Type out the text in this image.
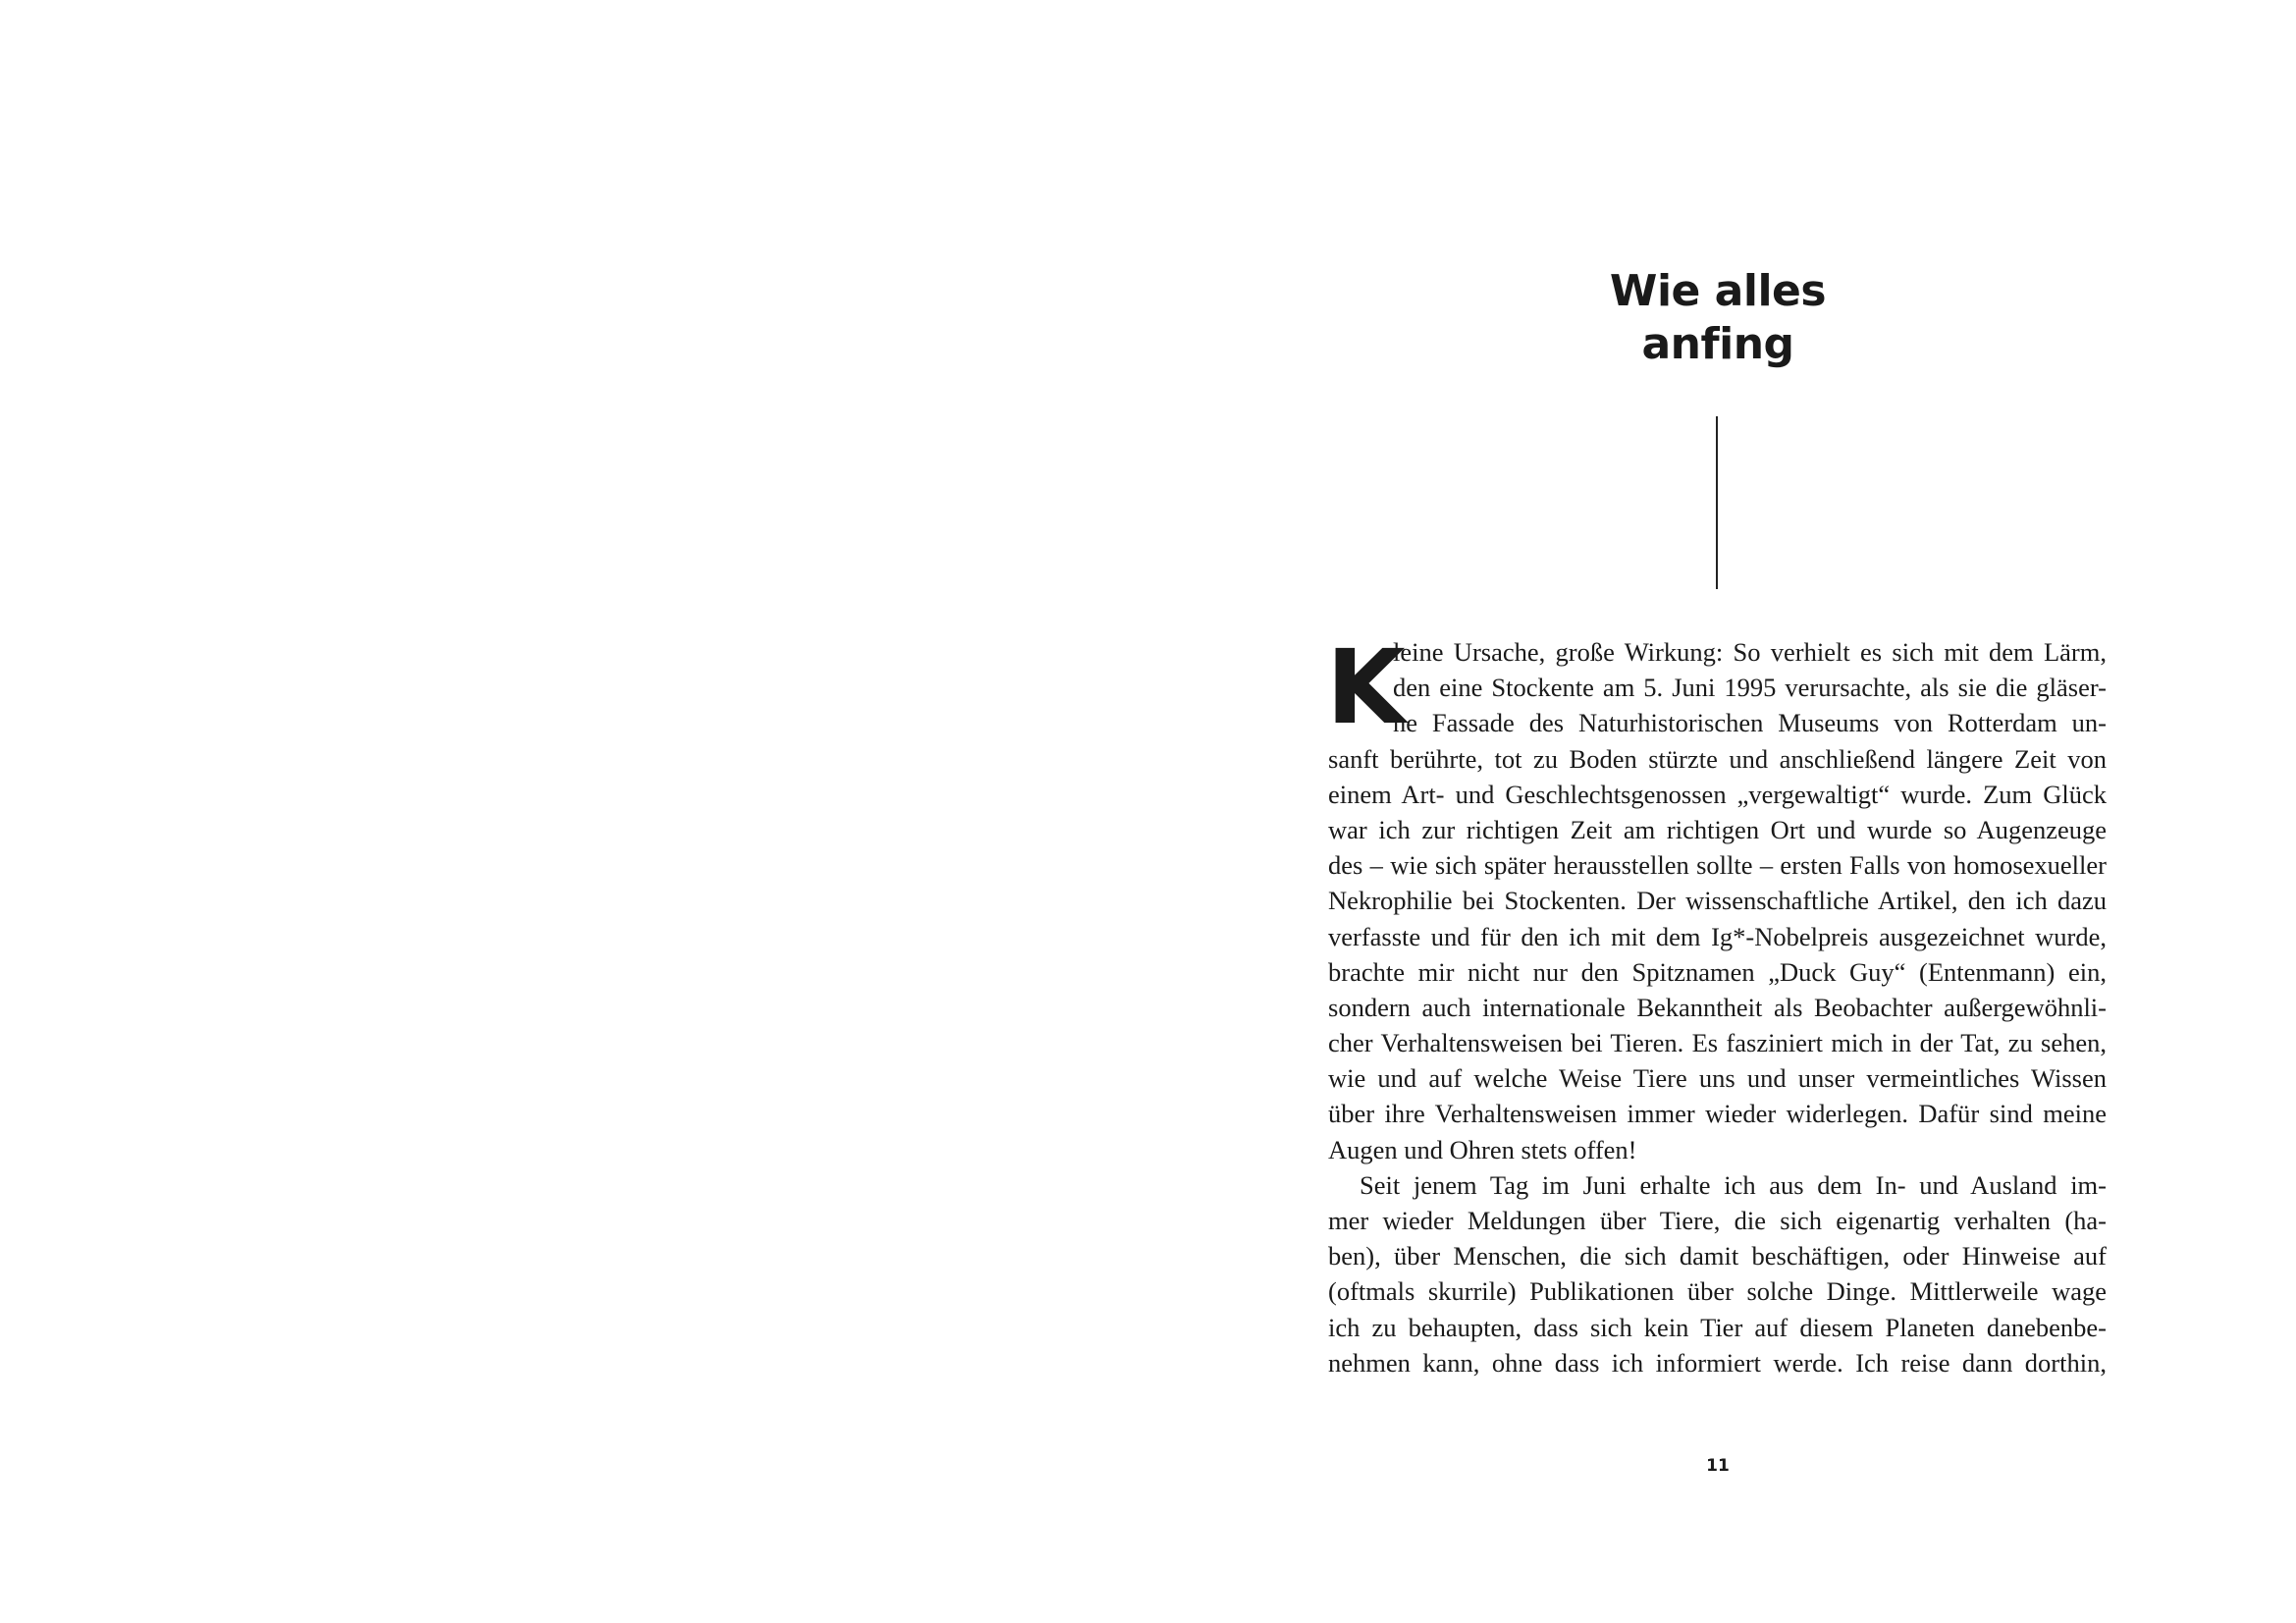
Wie alles
anfing
K
leine Ursache, große Wirkung: So verhielt es sich mit dem Lärm,
den eine Stockente am 5. Juni 1995 verursachte, als sie die gläser-
ne Fassade des Naturhistorischen Museums von Rotterdam un-
sanft berührte, tot zu Boden stürzte und anschließend längere Zeit von
einem Art- und Geschlechtsgenossen „vergewaltigt“ wurde. Zum Glück
war ich zur richtigen Zeit am richtigen Ort und wurde so Augenzeuge
des – wie sich später herausstellen sollte – ersten Falls von homosexueller
Nekrophilie bei Stockenten. Der wissenschaftliche Artikel, den ich dazu
verfasste und für den ich mit dem Ig*-Nobelpreis ausgezeichnet wurde,
brachte mir nicht nur den Spitznamen „Duck Guy“ (Entenmann) ein,
sondern auch internationale Bekanntheit als Beobachter außergewöhnli-
cher Verhaltensweisen bei Tieren. Es fasziniert mich in der Tat, zu sehen,
wie und auf welche Weise Tiere uns und unser vermeintliches Wissen
über ihre Verhaltensweisen immer wieder widerlegen. Dafür sind meine
Augen und Ohren stets offen!
Seit jenem Tag im Juni erhalte ich aus dem In- und Ausland im-
mer wieder Meldungen über Tiere, die sich eigenartig verhalten (ha-
ben), über Menschen, die sich damit beschäftigen, oder Hinweise auf
(oftmals skurrile) Publikationen über solche Dinge. Mittlerweile wage
ich zu behaupten, dass sich kein Tier auf diesem Planeten danebenbe-
nehmen kann, ohne dass ich informiert werde. Ich reise dann dorthin,
11
